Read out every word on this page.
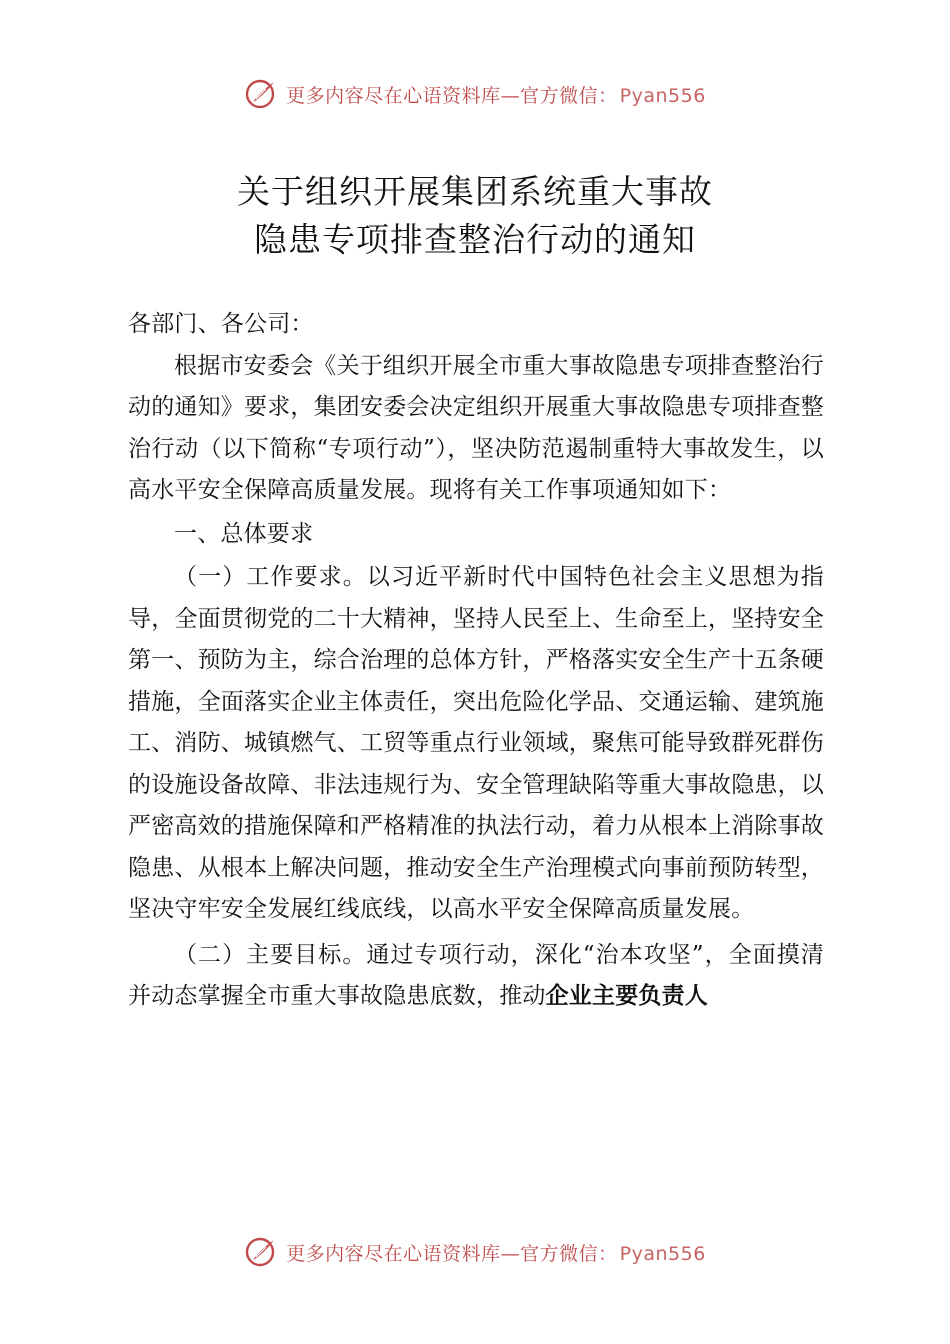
更多内容尽在心语资料库—官方微信： Pyan556
关于组织开展集团系统重大事故
隐患专项排查整治行动的通知

各部门、各公司：

根据市安委会《关于组织开展全市重大事故隐患专项排查整治行动的通知》要求，集团安委会决定组织开展重大事故隐患专项排查整治行动（以下简称“专项行动”），坚决防范遏制重特大事故发生，以高水平安全保障高质量发展。现将有关工作事项通知如下：

一、总体要求

（一）工作要求。以习近平新时代中国特色社会主义思想为指导，全面贯彻党的二十大精神，坚持人民至上、生命至上，坚持安全第一、预防为主，综合治理的总体方针，严格落实安全生产十五条硬措施，全面落实企业主体责任，突出危险化学品、交通运输、建筑施工、消防、城镇燃气、工贸等重点行业领域，聚焦可能导致群死群伤的设施设备故障、非法违规行为、安全管理缺陷等重大事故隐患，以严密高效的措施保障和严格精准的执法行动，着力从根本上消除事故隐患、从根本上解决问题，推动安全生产治理模式向事前预防转型，坚决守牢安全发展红线底线，以高水平安全保障高质量发展。

（二）主要目标。通过专项行动，深化“治本攻坚”，全面摸清并动态掌握全市重大事故隐患底数，推动企业主要负责人

更多内容尽在心语资料库—官方微信： Pyan556
